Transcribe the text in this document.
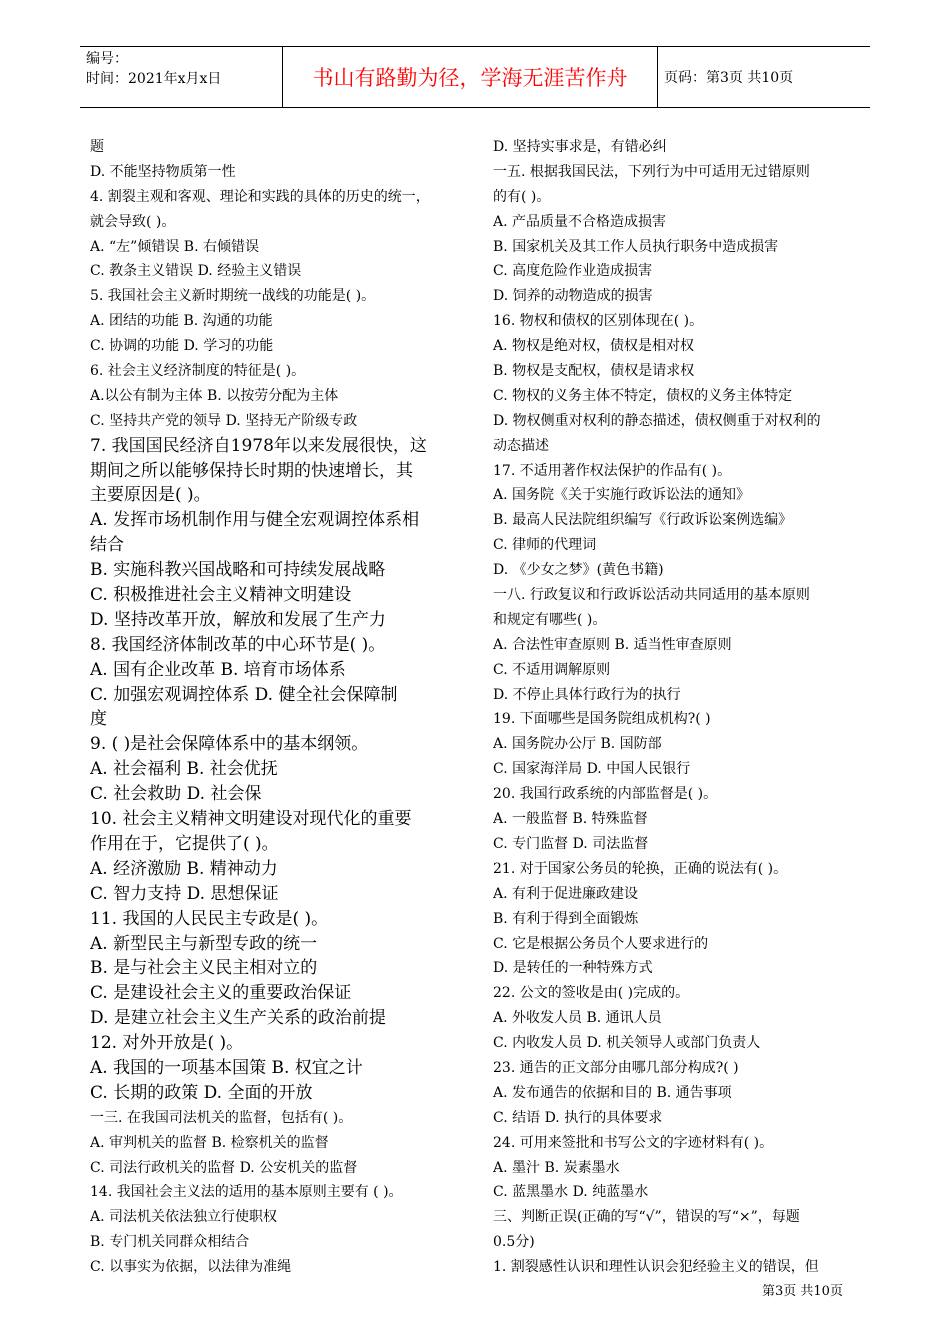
编号：
时间：2021年x月x日	书山有路勤为径，学海无涯苦作舟	页码：第3页 共10页
题
D. 不能坚持物质第一性
4. 割裂主观和客观、理论和实践的具体的历史的统一，
就会导致( )。
A. “左”倾错误 B. 右倾错误
C. 教条主义错误 D. 经验主义错误
5. 我国社会主义新时期统一战线的功能是( )。
A. 团结的功能 B. 沟通的功能
C. 协调的功能 D. 学习的功能
6. 社会主义经济制度的特征是( )。
A.以公有制为主体 B. 以按劳分配为主体
C. 坚持共产党的领导 D. 坚持无产阶级专政
7. 我国国民经济自1978年以来发展很快，这
期间之所以能够保持长时期的快速增长，其
主要原因是( )。
A. 发挥市场机制作用与健全宏观调控体系相
结合
B. 实施科教兴国战略和可持续发展战略
C. 积极推进社会主义精神文明建设
D. 坚持改革开放，解放和发展了生产力
8. 我国经济体制改革的中心环节是( )。
A. 国有企业改革 B. 培育市场体系
C. 加强宏观调控体系 D. 健全社会保障制
度
9. ( )是社会保障体系中的基本纲领。
A. 社会福利 B. 社会优抚
C. 社会救助 D. 社会保
10. 社会主义精神文明建设对现代化的重要
作用在于，它提供了( )。
A. 经济激励 B. 精神动力
C. 智力支持 D. 思想保证
11. 我国的人民民主专政是( )。
A. 新型民主与新型专政的统一
B. 是与社会主义民主相对立的
C. 是建设社会主义的重要政治保证
D. 是建立社会主义生产关系的政治前提
12. 对外开放是( )。
A. 我国的一项基本国策 B. 权宜之计
C. 长期的政策 D. 全面的开放
一三. 在我国司法机关的监督，包括有( )。
A. 审判机关的监督 B. 检察机关的监督
C. 司法行政机关的监督 D. 公安机关的监督
14. 我国社会主义法的适用的基本原则主要有 ( )。
A. 司法机关依法独立行使职权
B. 专门机关同群众相结合
C. 以事实为依据，以法律为准绳
D. 坚持实事求是，有错必纠
一五. 根据我国民法，下列行为中可适用无过错原则
的有( )。
A. 产品质量不合格造成损害
B. 国家机关及其工作人员执行职务中造成损害
C. 高度危险作业造成损害
D. 饲养的动物造成的损害
16. 物权和债权的区别体现在( )。
A. 物权是绝对权，债权是相对权
B. 物权是支配权，债权是请求权
C. 物权的义务主体不特定，债权的义务主体特定
D. 物权侧重对权利的静态描述，债权侧重于对权利的
动态描述
17. 不适用著作权法保护的作品有( )。
A. 国务院《关于实施行政诉讼法的通知》
B. 最高人民法院组织编写《行政诉讼案例选编》
C. 律师的代理词
D. 《少女之梦》(黄色书籍)
一八. 行政复议和行政诉讼活动共同适用的基本原则
和规定有哪些( )。
A. 合法性审查原则 B. 适当性审查原则
C. 不适用调解原则
D. 不停止具体行政行为的执行
19. 下面哪些是国务院组成机构?( )
A. 国务院办公厅 B. 国防部
C. 国家海洋局 D. 中国人民银行
20. 我国行政系统的内部监督是( )。
A. 一般监督 B. 特殊监督
C. 专门监督 D. 司法监督
21. 对于国家公务员的轮换，正确的说法有( )。
A. 有利于促进廉政建设
B. 有利于得到全面锻炼
C. 它是根据公务员个人要求进行的
D. 是转任的一种特殊方式
22. 公文的签收是由( )完成的。
A. 外收发人员 B. 通讯人员
C. 内收发人员 D. 机关领导人或部门负责人
23. 通告的正文部分由哪几部分构成?( )
A. 发布通告的依据和目的 B. 通告事项
C. 结语 D. 执行的具体要求
24. 可用来签批和书写公文的字迹材料有( )。
A. 墨汁 B. 炭素墨水
C. 蓝黑墨水 D. 纯蓝墨水
三、判断正误(正确的写“√”，错误的写“×”，每题
0.5分)
1. 割裂感性认识和理性认识会犯经验主义的错误，但
第3页 共10页
